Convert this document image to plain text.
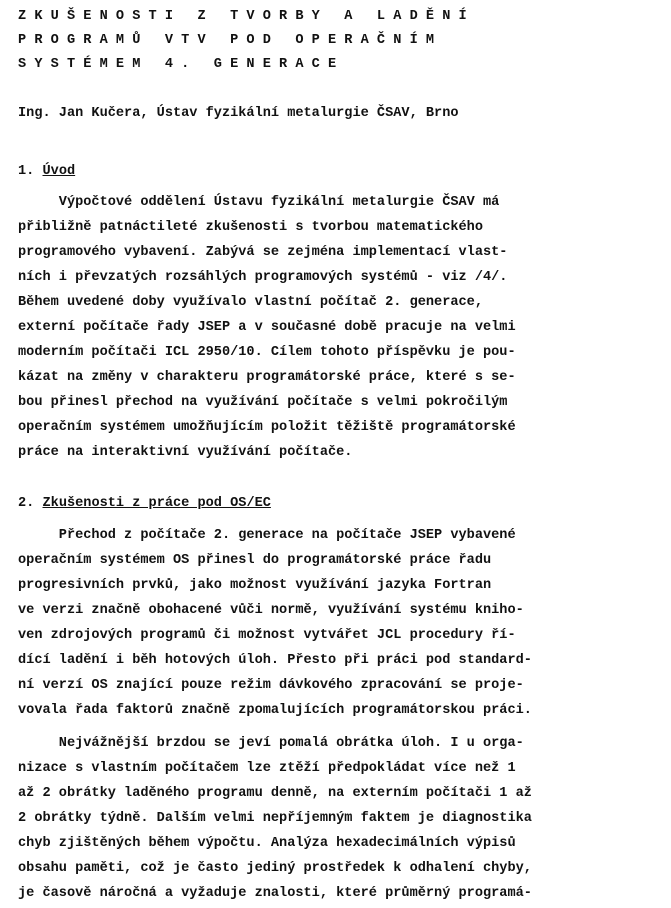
Z K U Š E N O S T I   Z   T V O R B Y   A   L A D Ě N Í
P R O G R A M Ů   V T V   P O D   O P E R A Č N Í M
S Y S T É M E M   4 .   G E N E R A C E
Ing. Jan Kučera, Ústav fyzikální metalurgie ČSAV, Brno
1. Úvod
Výpočtové oddělení Ústavu fyzikální metalurgie ČSAV má
přibližně patnáctileté zkušenosti s tvorbou matematického
programového vybavení. Zabývá se zejména implementací vlast-
ních i převzatých rozsáhlých programových systémů - viz /4/.
Během uvedené doby využívalo vlastní počítač 2. generace,
externí počítače řady JSEP a v současné době pracuje na velmi
moderním počítači ICL 2950/10. Cílem tohoto příspěvku je pou-
kázat na změny v charakteru programátorské práce, které s se-
bou přinesl přechod na využívání počítače s velmi pokročilým
operačním systémem umožňujícím položit těžiště programátorské
práce na interaktivní využívání počítače.
2. Zkušenosti z práce pod OS/EC
Přechod z počítače 2. generace na počítače JSEP vybavené
operačním systémem OS přinesl do programátorské práce řadu
progresivních prvků, jako možnost využívání jazyka Fortran
ve verzi značně obohacené vůči normě, využívání systému kniho-
ven zdrojových programů či možnost vytvářet JCL procedury ří-
dící ladění i běh hotových úloh. Přesto při práci pod standard-
ní verzí OS znající pouze režim dávkového zpracování se proje-
vovala řada faktorů značně zpomalujících programátorskou práci.
Nejvážnější brzdou se jeví pomalá obrátka úloh. I u orga-
nizace s vlastním počítačem lze ztěží předpokládat více než 1
až 2 obrátky laděného programu denně, na externím počítači 1 až
2 obrátky týdně. Dalším velmi nepříjemným faktem je diagnostika
chyb zjištěných během výpočtu. Analýza hexadecimálních výpisů
obsahu paměti, což je často jediný prostředek k odhalení chyby,
je časově náročná a vyžaduje znalosti, které průměrný programá-
